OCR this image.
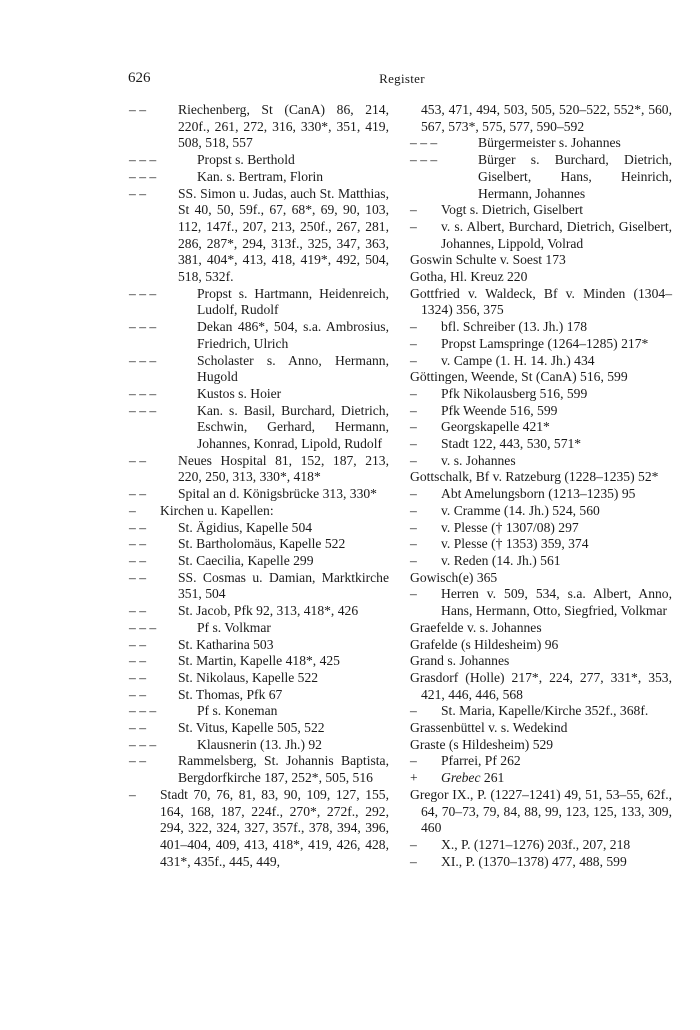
626	Register
– – Riechenberg, St (CanA) 86, 214, 220f., 261, 272, 316, 330*, 351, 419, 508, 518, 557
– – –	Propst s. Berthold
– – –	Kan. s. Bertram, Florin
– – SS. Simon u. Judas, auch St. Matthias, St 40, 50, 59f., 67, 68*, 69, 90, 103, 112, 147f., 207, 213, 250f., 267, 281, 286, 287*, 294, 313f., 325, 347, 363, 381, 404*, 413, 418, 419*, 492, 504, 518, 532f.
– – –	Propst s. Hartmann, Heidenreich, Ludolf, Rudolf
– – –	Dekan 486*, 504, s.a. Ambrosius, Friedrich, Ulrich
– – –	Scholaster s. Anno, Hermann, Hugold
– – –	Kustos s. Hoier
– – –	Kan. s. Basil, Burchard, Dietrich, Eschwin, Gerhard, Hermann, Johannes, Konrad, Lipold, Rudolf
– – Neues Hospital 81, 152, 187, 213, 220, 250, 313, 330*, 418*
– – Spital an d. Königsbrücke 313, 330*
– Kirchen u. Kapellen:
– – St. Ägidius, Kapelle 504
– – St. Bartholomäus, Kapelle 522
– – St. Caecilia, Kapelle 299
– – SS. Cosmas u. Damian, Marktkirche 351, 504
– – St. Jacob, Pfk 92, 313, 418*, 426
– – –	Pf s. Volkmar
– – St. Katharina 503
– – St. Martin, Kapelle 418*, 425
– – St. Nikolaus, Kapelle 522
– – St. Thomas, Pfk 67
– – –	Pf s. Koneman
– – St. Vitus, Kapelle 505, 522
– – –	Klausnerin (13. Jh.) 92
– – Rammelsberg, St. Johannis Baptista, Bergdorfkirche 187, 252*, 505, 516
– Stadt 70, 76, 81, 83, 90, 109, 127, 155, 164, 168, 187, 224f., 270*, 272f., 292, 294, 322, 324, 327, 357f., 378, 394, 396, 401–404, 409, 413, 418*, 419, 426, 428, 431*, 435f., 445, 449,
453, 471, 494, 503, 505, 520–522, 552*, 560, 567, 573*, 575, 577, 590–592
– – –	Bürgermeister s. Johannes
– – –	Bürger s. Burchard, Dietrich, Giselbert, Hans, Heinrich, Hermann, Johannes
– Vogt s. Dietrich, Giselbert
– v. s. Albert, Burchard, Dietrich, Giselbert, Johannes, Lippold, Volrad
Goswin Schulte v. Soest 173
Gotha, Hl. Kreuz 220
Gottfried v. Waldeck, Bf v. Minden (1304–1324) 356, 375
– bfl. Schreiber (13. Jh.) 178
– Propst Lamspringe (1264–1285) 217*
– v. Campe (1. H. 14. Jh.) 434
Göttingen, Weende, St (CanA) 516, 599
– Pfk Nikolausberg 516, 599
– Pfk Weende 516, 599
– Georgskapelle 421*
– Stadt 122, 443, 530, 571*
– v. s. Johannes
Gottschalk, Bf v. Ratzeburg (1228–1235) 52*
– Abt Amelungsborn (1213–1235) 95
– v. Cramme (14. Jh.) 524, 560
– v. Plesse († 1307/08) 297
– v. Plesse († 1353) 359, 374
– v. Reden (14. Jh.) 561
Gowisch(e) 365
– Herren v. 509, 534, s.a. Albert, Anno, Hans, Hermann, Otto, Siegfried, Volkmar
Graefelde v. s. Johannes
Grafelde (s Hildesheim) 96
Grand s. Johannes
Grasdorf (Holle) 217*, 224, 277, 331*, 353, 421, 446, 446, 568
– St. Maria, Kapelle/Kirche 352f., 368f.
Grassenbüttel v. s. Wedekind
Graste (s Hildesheim) 529
– Pfarrei, Pf 262
+ Grebec 261
Gregor IX., P. (1227–1241) 49, 51, 53–55, 62f., 64, 70–73, 79, 84, 88, 99, 123, 125, 133, 309, 460
– X., P. (1271–1276) 203f., 207, 218
– XI., P. (1370–1378) 477, 488, 599
